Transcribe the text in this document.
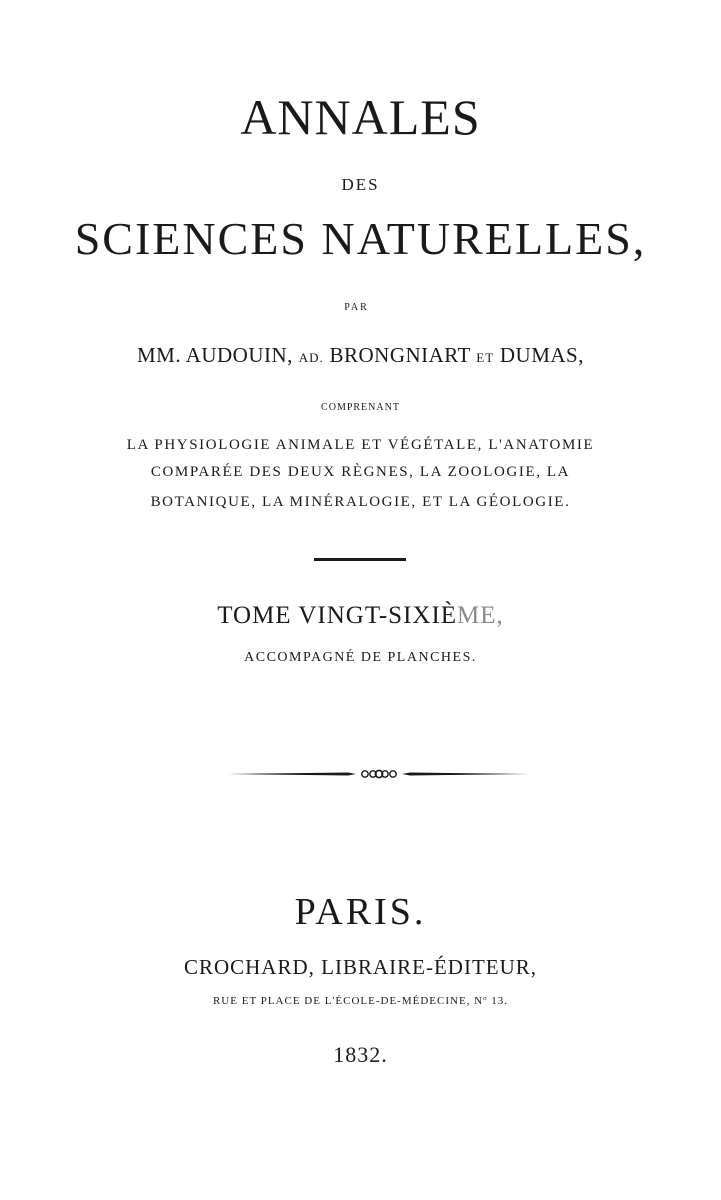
ANNALES
DES
SCIENCES NATURELLES,
PAR
MM. AUDOUIN, AD. BRONGNIART ET DUMAS,
COMPRENANT
LA PHYSIOLOGIE ANIMALE ET VÉGÉTALE, L'ANATOMIE
COMPARÉE DES DEUX RÈGNES, LA ZOOLOGIE, LA
BOTANIQUE, LA MINÉRALOGIE, ET LA GÉOLOGIE.
TOME VINGT-SIXIÈME,
ACCOMPAGNÉ DE PLANCHES.
PARIS.
CROCHARD, LIBRAIRE-ÉDITEUR,
RUE ET PLACE DE L'ÉCOLE-DE-MÉDECINE, Nº 13.
1832.
